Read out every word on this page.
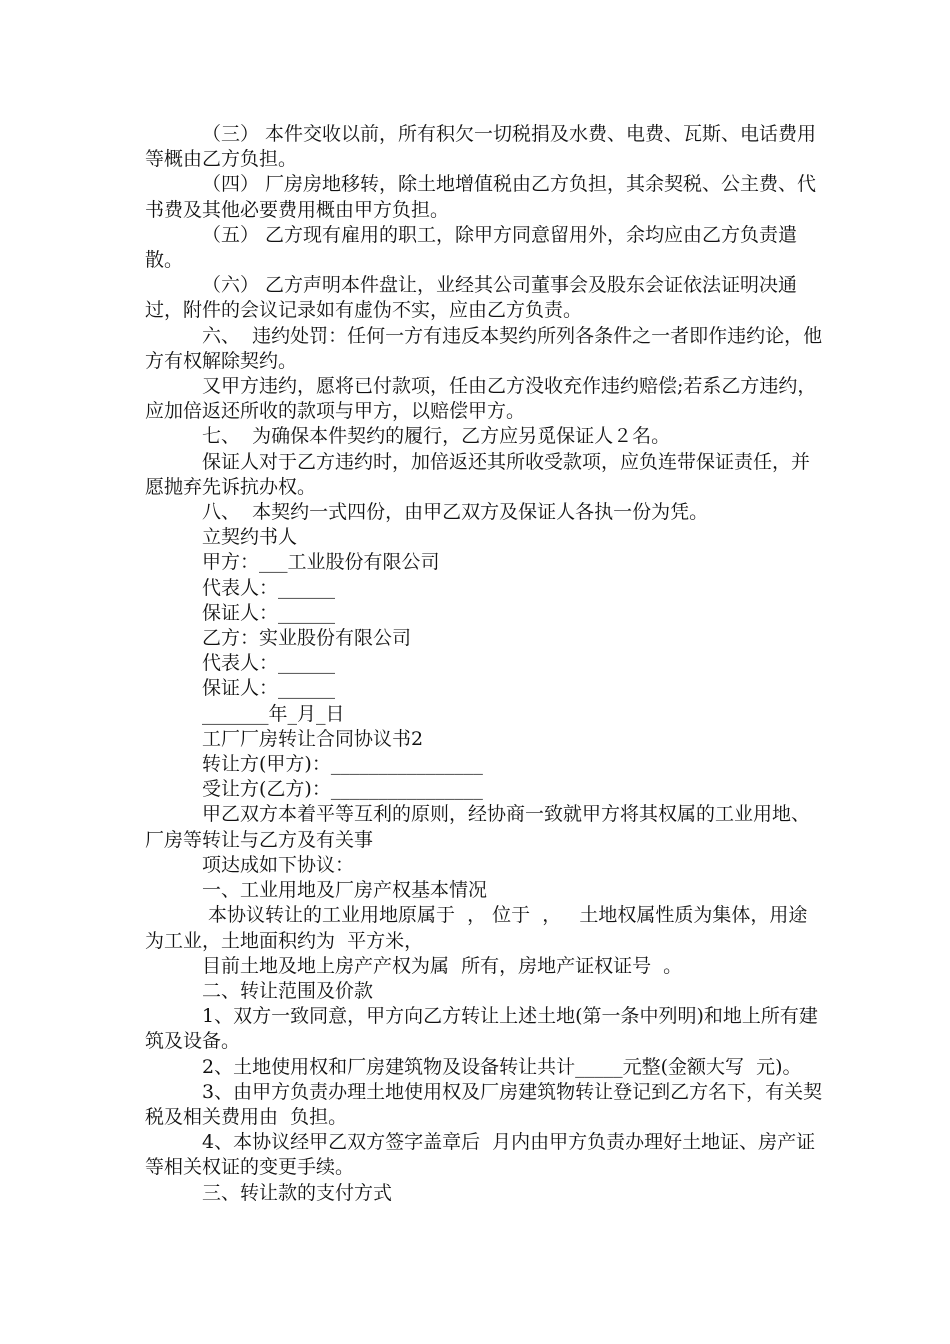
（三） 本件交收以前，所有积欠一切税捐及水费、电费、瓦斯、电话费用等概由乙方负担。

（四） 厂房房地移转，除土地增值税由乙方负担，其余契税、公主费、代书费及其他必要费用概由甲方负担。

（五） 乙方现有雇用的职工，除甲方同意留用外，余均应由乙方负责遣散。

（六） 乙方声明本件盘让，业经其公司董事会及股东会证依法证明决通过，附件的会议记录如有虚伪不实，应由乙方负责。

六、  违约处罚：任何一方有违反本契约所列各条件之一者即作违约论，他方有权解除契约。

又甲方违约，愿将已付款项，任由乙方没收充作违约赔偿;若系乙方违约，应加倍返还所收的款项与甲方，以赔偿甲方。

七、  为确保本件契约的履行，乙方应另觅保证人２名。

保证人对于乙方违约时，加倍返还其所收受款项，应负连带保证责任，并愿抛弃先诉抗办权。

八、  本契约一式四份，由甲乙双方及保证人各执一份为凭。

立契约书人

甲方：___工业股份有限公司

代表人：______

保证人：______

乙方：实业股份有限公司

代表人：______

保证人：______

_______年_月_日

工厂厂房转让合同协议书2

转让方(甲方)：________________

受让方(乙方)：________________

甲乙双方本着平等互利的原则，经协商一致就甲方将其权属的工业用地、厂房等转让与乙方及有关事

项达成如下协议：

一、工业用地及厂房产权基本情况

本协议转让的工业用地原属于  ， 位于  ，   土地权属性质为集体，用途为工业，土地面积约为  平方米，

目前土地及地上房产产权为属  所有，房地产证权证号  。

二、转让范围及价款

1、双方一致同意，甲方向乙方转让上述土地(第一条中列明)和地上所有建筑及设备。

2、土地使用权和厂房建筑物及设备转让共计_____元整(金额大写  元)。

3、由甲方负责办理土地使用权及厂房建筑物转让登记到乙方名下，有关契税及相关费用由  负担。

4、本协议经甲乙双方签字盖章后  月内由甲方负责办理好土地证、房产证等相关权证的变更手续。

三、转让款的支付方式
